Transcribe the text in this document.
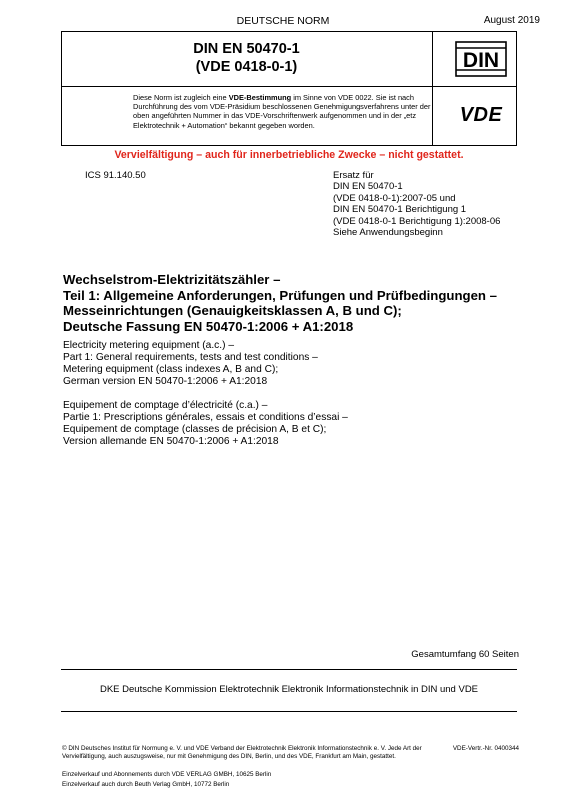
DEUTSCHE NORM	August 2019
DIN EN 50470-1
(VDE 0418-0-1)
Diese Norm ist zugleich eine VDE-Bestimmung im Sinne von VDE 0022. Sie ist nach Durchführung des vom VDE-Präsidium beschlossenen Genehmigungsverfahrens unter der oben angeführten Nummer in das VDE-Vorschriftenwerk aufgenommen und in der „etz Elektrotechnik + Automation“ bekannt gegeben worden.
DIN
VDE
Vervielfältigung – auch für innerbetriebliche Zwecke – nicht gestattet.
ICS 91.140.50	Ersatz für
DIN EN 50470-1
(VDE 0418-0-1):2007-05 und
DIN EN 50470-1 Berichtigung 1
(VDE 0418-0-1 Berichtigung 1):2008-06
Siehe Anwendungsbeginn
Wechselstrom-Elektrizitätszähler –
Teil 1: Allgemeine Anforderungen, Prüfungen und Prüfbedingungen –
Messeinrichtungen (Genauigkeitsklassen A, B und C);
Deutsche Fassung EN 50470-1:2006 + A1:2018
Electricity metering equipment (a.c.) –
Part 1: General requirements, tests and test conditions –
Metering equipment (class indexes A, B and C);
German version EN 50470-1:2006 + A1:2018
Equipement de comptage d’électricité (c.a.) –
Partie 1: Prescriptions générales, essais et conditions d’essai –
Equipement de comptage (classes de précision A, B et C);
Version allemande EN 50470-1:2006 + A1:2018
Gesamtumfang 60 Seiten
DKE Deutsche Kommission Elektrotechnik Elektronik Informationstechnik in DIN und VDE
© DIN Deutsches Institut für Normung e. V. und VDE Verband der Elektrotechnik Elektronik Informationstechnik e. V. Jede Art der Vervielfältigung, auch auszugsweise, nur mit Genehmigung des DIN, Berlin, und des VDE, Frankfurt am Main, gestattet.
VDE-Vertr.-Nr. 0400344
Einzelverkauf und Abonnements durch VDE VERLAG GMBH, 10625 Berlin
Einzelverkauf auch durch Beuth Verlag GmbH, 10772 Berlin
